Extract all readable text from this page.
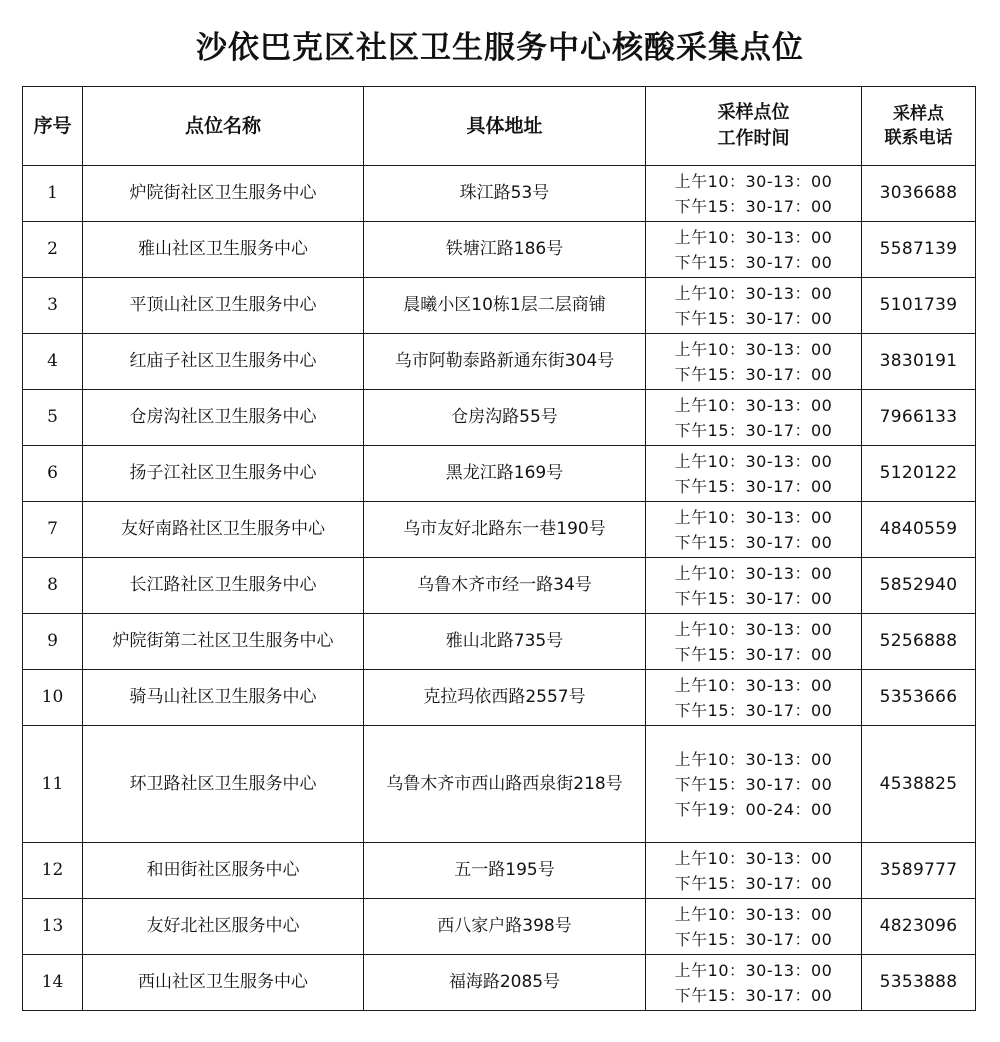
沙依巴克区社区卫生服务中心核酸采集点位
序号	点位名称	具体地址	采样点位
工作时间	采样点
联系电话

1	炉院街社区卫生服务中心	珠江路53号	上午10：30-13：00
下午15：30-17：00	3036688
2	雅山社区卫生服务中心	铁塘江路186号	上午10：30-13：00
下午15：30-17：00	5587139
3	平顶山社区卫生服务中心	晨曦小区10栋1层二层商铺	上午10：30-13：00
下午15：30-17：00	5101739
4	红庙子社区卫生服务中心	乌市阿勒泰路新通东街304号	上午10：30-13：00
下午15：30-17：00	3830191
5	仓房沟社区卫生服务中心	仓房沟路55号	上午10：30-13：00
下午15：30-17：00	7966133
6	扬子江社区卫生服务中心	黑龙江路169号	上午10：30-13：00
下午15：30-17：00	5120122
7	友好南路社区卫生服务中心	乌市友好北路东一巷190号	上午10：30-13：00
下午15：30-17：00	4840559
8	长江路社区卫生服务中心	乌鲁木齐市经一路34号	上午10：30-13：00
下午15：30-17：00	5852940
9	炉院街第二社区卫生服务中心	雅山北路735号	上午10：30-13：00
下午15：30-17：00	5256888
10	骑马山社区卫生服务中心	克拉玛依西路2557号	上午10：30-13：00
下午15：30-17：00	5353666
11	环卫路社区卫生服务中心	乌鲁木齐市西山路西泉街218号	上午10：30-13：00
下午15：30-17：00
下午19：00-24：00	4538825
12	和田街社区服务中心	五一路195号	上午10：30-13：00
下午15：30-17：00	3589777
13	友好北社区服务中心	西八家户路398号	上午10：30-13：00
下午15：30-17：00	4823096
14	西山社区卫生服务中心	福海路2085号	上午10：30-13：00
下午15：30-17：00	5353888
